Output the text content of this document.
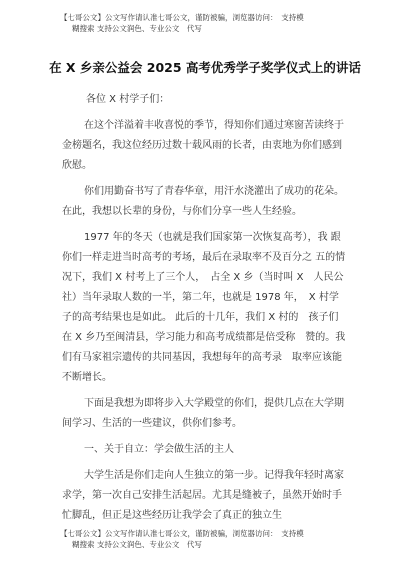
【七哥公文】公文写作请认准七哥公文，谨防被骗，浏览器访问：　支持模
糊搜索 支持公文润色、专业公文　代写
在 X 乡亲公益会 2025 高考优秀学子奖学仪式上的讲话

各位 X 村学子们：

在这个洋溢着丰收喜悦的季节，得知你们通过寒窗苦读终于金榜题名，我这位经历过数十载风雨的长者，由衷地为你们感到欣慰。

你们用勤奋书写了青春华章，用汗水浇灌出了成功的花朵。在此，我想以长辈的身份，与你们分享一些人生经验。

1977 年的冬天（也就是我们国家第一次恢复高考），我 跟你们一样走进当时高考的考场，最后在录取率不及百分之 五的情况下，我们 X 村考上了三个人，　占全 X 乡（当时叫 X　人民公社）当年录取人数的一半，第二年，也就是 1978 年，　X 村学子的高考结果也是如此。 此后的十几年，我们 X 村的　孩子们在 X 乡乃至闽清县，学习能力和高考成绩都是倍受称　赞的。我们有马家祖宗遗传的共同基因，我想每年的高考录　取率应该能不断增长。

下面是我想为即将步入大学殿堂的你们，提供几点在大学期间学习、生活的一些建议，供你们参考。

一、关于自立：学会做生活的主人

大学生活是你们走向人生独立的第一步。记得我年轻时离家求学，第一次自己安排生活起居。尤其是缝被子，虽然开始时手忙脚乱，但正是这些经历让我学会了真正的独立生

【七哥公文】公文写作请认准七哥公文，谨防被骗，浏览器访问：　支持模
糊搜索 支持公文润色、专业公文　代写
